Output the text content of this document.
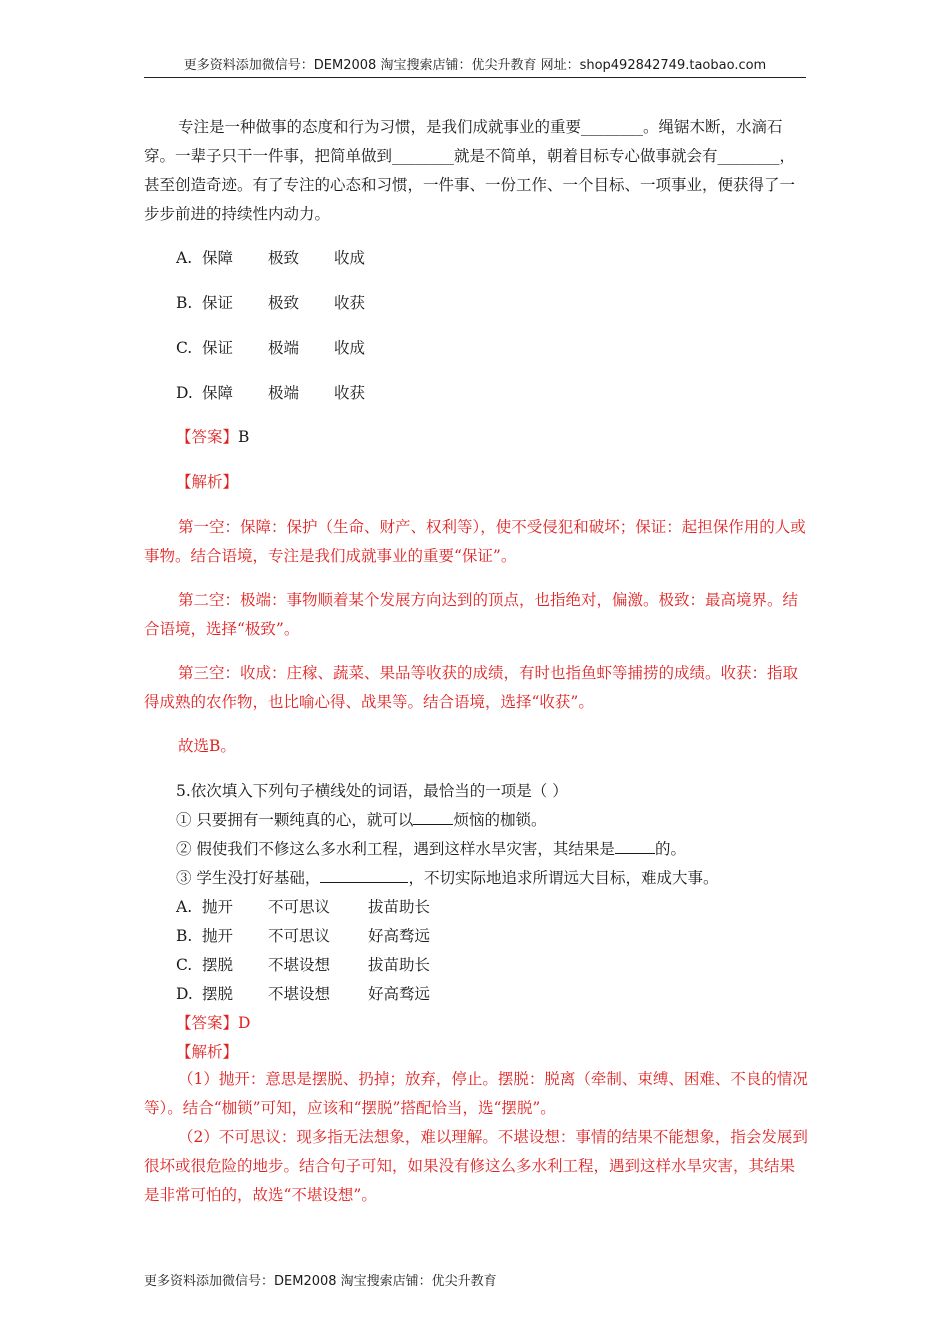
更多资料添加微信号：DEM2008 淘宝搜索店铺：优尖升教育 网址：shop492842749.taobao.com
专注是一种做事的态度和行为习惯，是我们成就事业的重要________。绳锯木断，水滴石穿。一辈子只干一件事，把简单做到________就是不简单，朝着目标专心做事就会有________，甚至创造奇迹。有了专注的心态和习惯，一件事、一份工作、一个目标、一项事业，便获得了一步步前进的持续性内动力。
A. 保障 极致 收成
B. 保证 极致 收获
C. 保证 极端 收成
D. 保障 极端 收获
【答案】B
【解析】
第一空：保障：保护（生命、财产、权利等），使不受侵犯和破坏；保证：起担保作用的人或事物。结合语境，专注是我们成就事业的重要“保证”。
第二空：极端：事物顺着某个发展方向达到的顶点，也指绝对，偏激。极致：最高境界。结合语境，选择“极致”。
第三空：收成：庄稼、蔬菜、果品等收获的成绩，有时也指鱼虾等捕捞的成绩。收获：指取得成熟的农作物，也比喻心得、战果等。结合语境，选择“收获”。
故选B。
5.依次填入下列句子横线处的词语，最恰当的一项是（ ）
① 只要拥有一颗纯真的心，就可以	烦恼的枷锁。
② 假使我们不修这么多水利工程，遇到这样水旱灾害，其结果是	的。
③ 学生没打好基础，	，不切实际地追求所谓远大目标，难成大事。
A. 抛开 不可思议 拔苗助长
B. 抛开 不可思议 好高骛远
C. 摆脱 不堪设想 拔苗助长
D. 摆脱 不堪设想 好高骛远
【答案】D
【解析】
（1）抛开：意思是摆脱、扔掉；放弃，停止。摆脱：脱离（牵制、束缚、困难、不良的情况等）。结合“枷锁”可知，应该和“摆脱”搭配恰当，选“摆脱”。
（2）不可思议：现多指无法想象，难以理解。不堪设想：事情的结果不能想象，指会发展到很坏或很危险的地步。结合句子可知，如果没有修这么多水利工程，遇到这样水旱灾害，其结果是非常可怕的，故选“不堪设想”。
更多资料添加微信号：DEM2008 淘宝搜索店铺：优尖升教育
